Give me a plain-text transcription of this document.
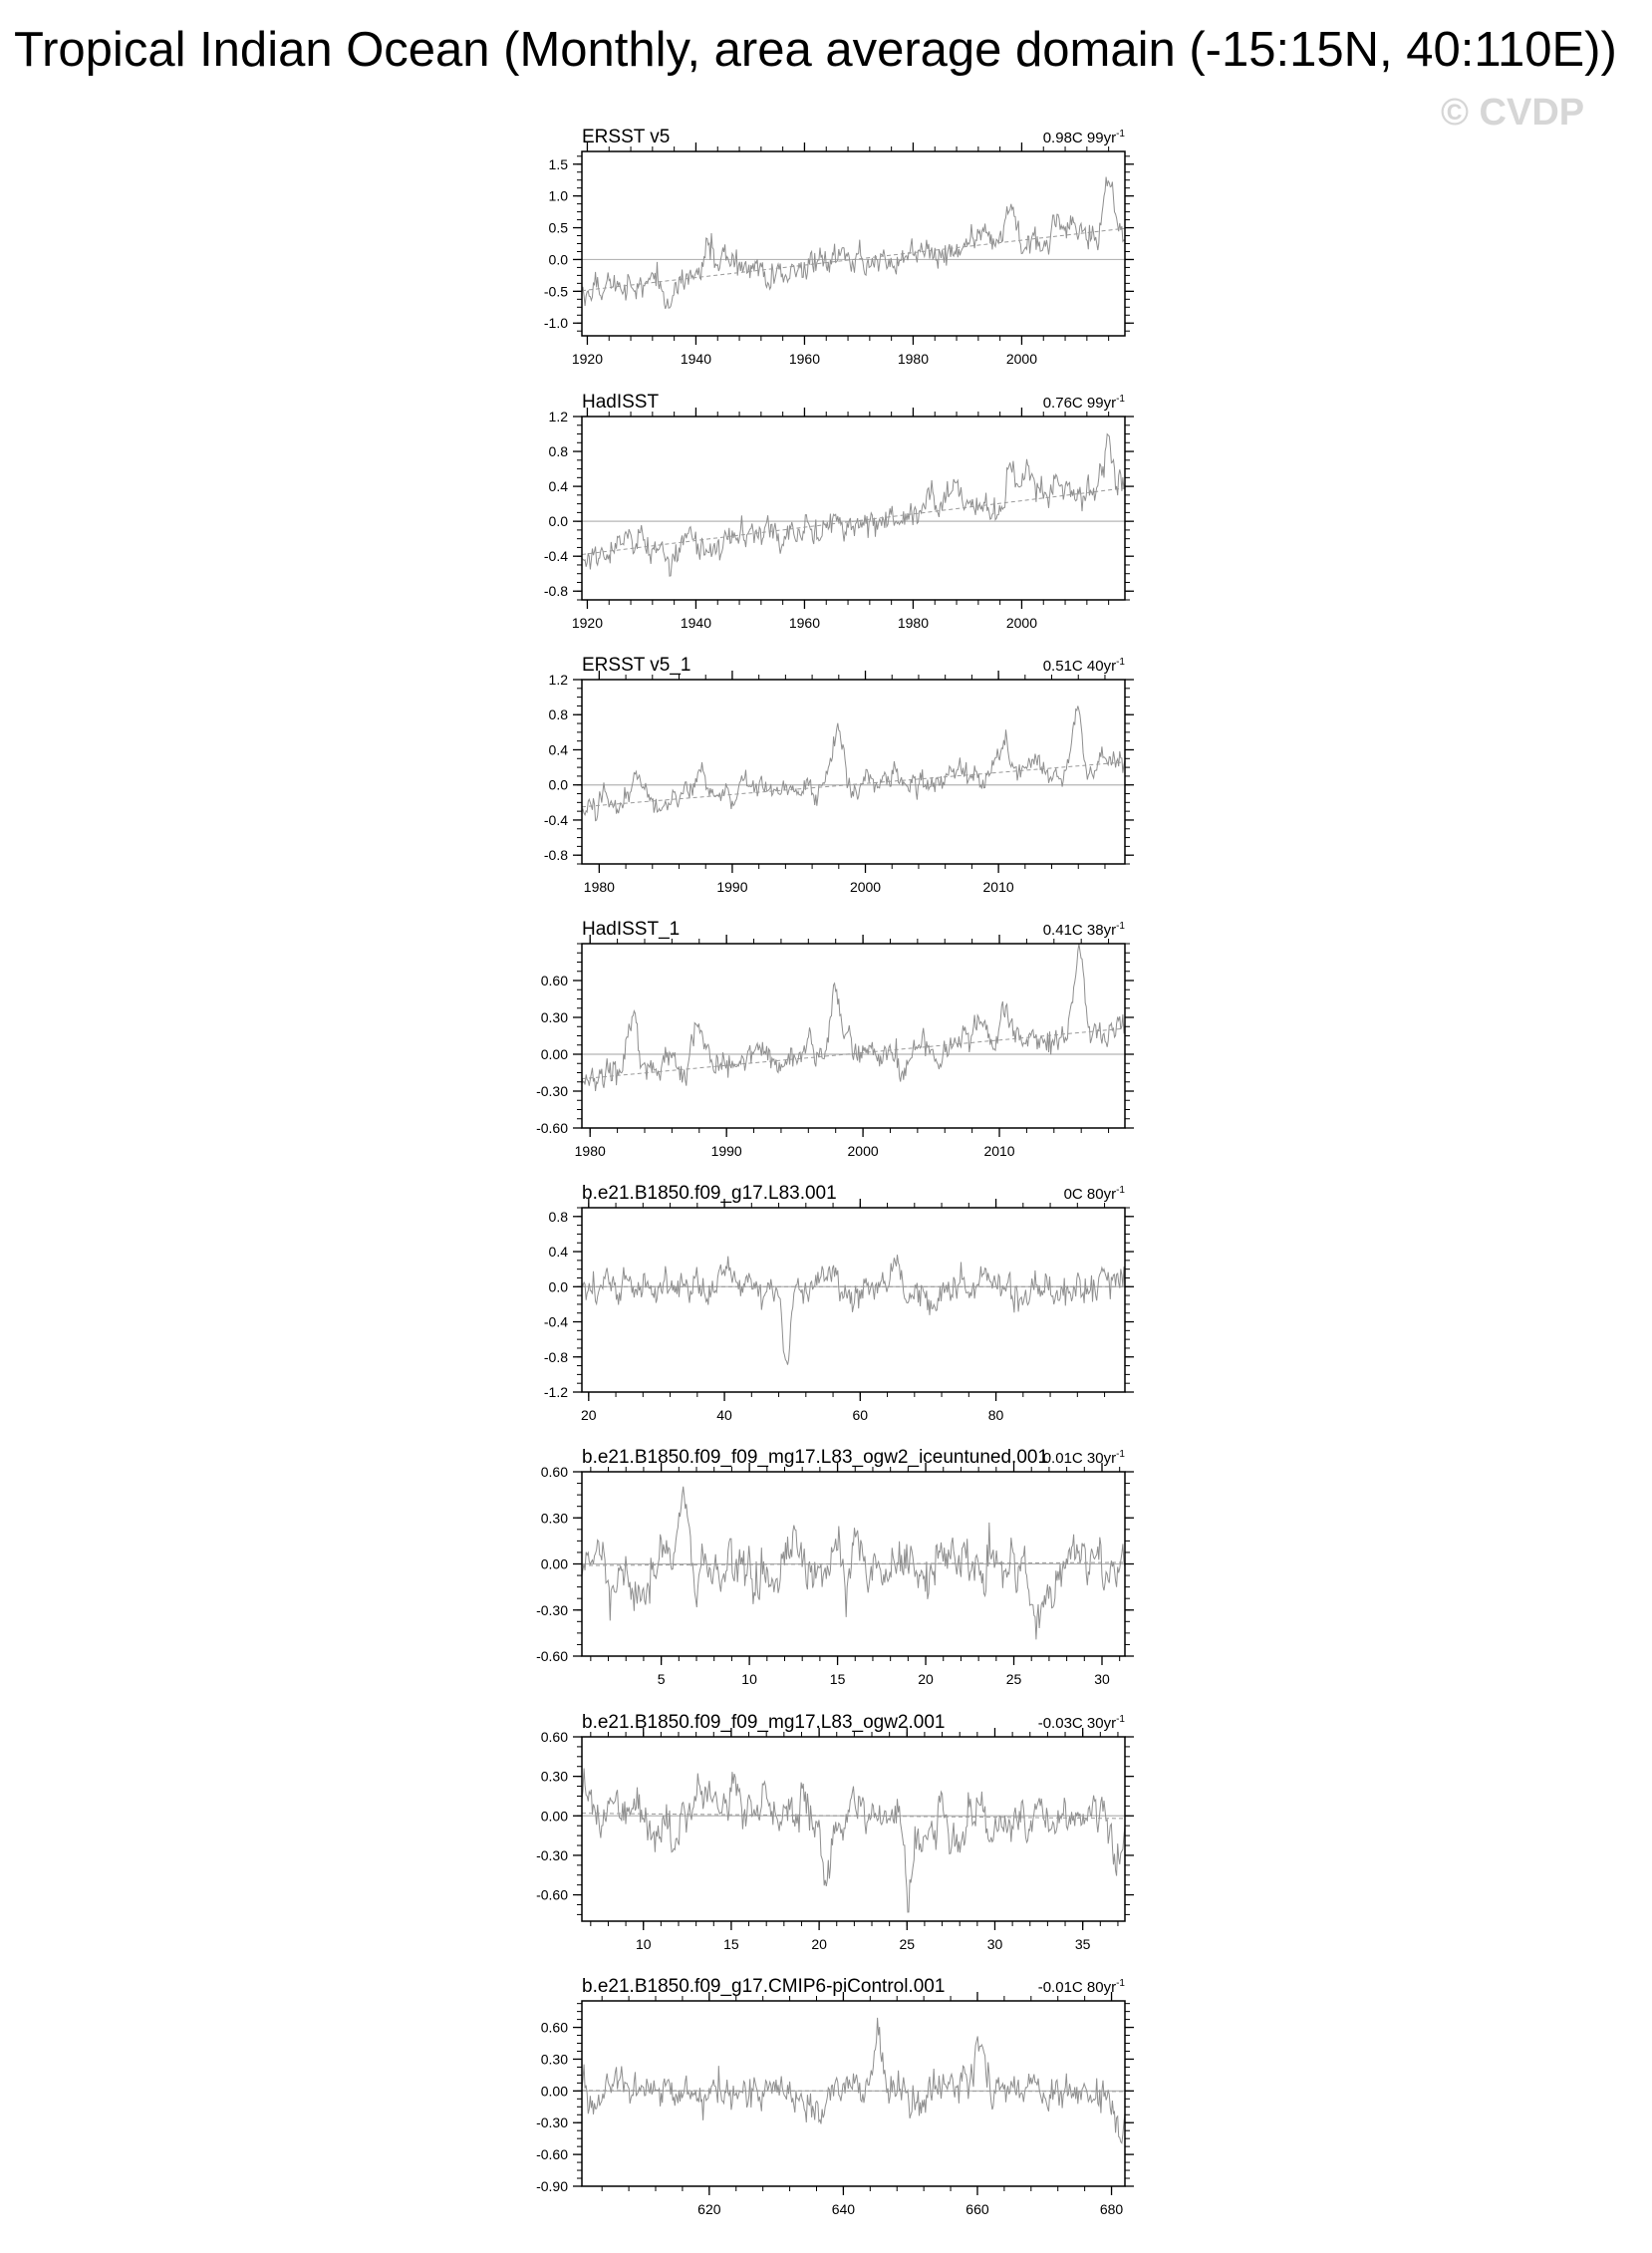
Tropical Indian Ocean (Monthly, area average domain (-15:15N, 40:110E))
© CVDP
ERSST v5	0.98C $99yr^{-1}$
1.5
1.0
0.5
0.0
-0.5
-1.0
1920	1940	1960	1980	2000
HadISST	0.76C $99yr^{-1}$
1.2
0.8
0.4
0.0
-0.4
-0.8
1920	1940	1960	1980	2000
ERSST v5_1	0.51C $40yr^{-1}$
1.2
0.8
0.4
0.0
-0.4
-0.8
1980	1990	2000	2010
HadISST_1	0.41C $38yr^{-1}$
0.60
0.30
0.00
-0.30
-0.60
1980	1990	2000	2010
b.e21.B1850.f09_g17.L83.001	0C $80yr^{-1}$
0.8
0.4
0.0
-0.4
-0.8
-1.2
20	40	60	80
b.e21.B1850.f09_f09_mg17.L83_ogw2_iceuntuned.001
0.01C $30yr^{-1}$
0.60
0.30
0.00
-0.30
-0.60
5	10	15	20	25	30
b.e21.B1850.f09_f09_mg17.L83_ogw2.001	-0.03C $30yr^{-1}$
0.60
0.30
0.00
-0.30
-0.60
10	15	20	25	30	35
b.e21.B1850.f09_g17.CMIP6-piControl.001	-0.01C $80yr^{-1}$
0.60
0.30
0.00
-0.30
-0.60
-0.90
620	640	660	680
